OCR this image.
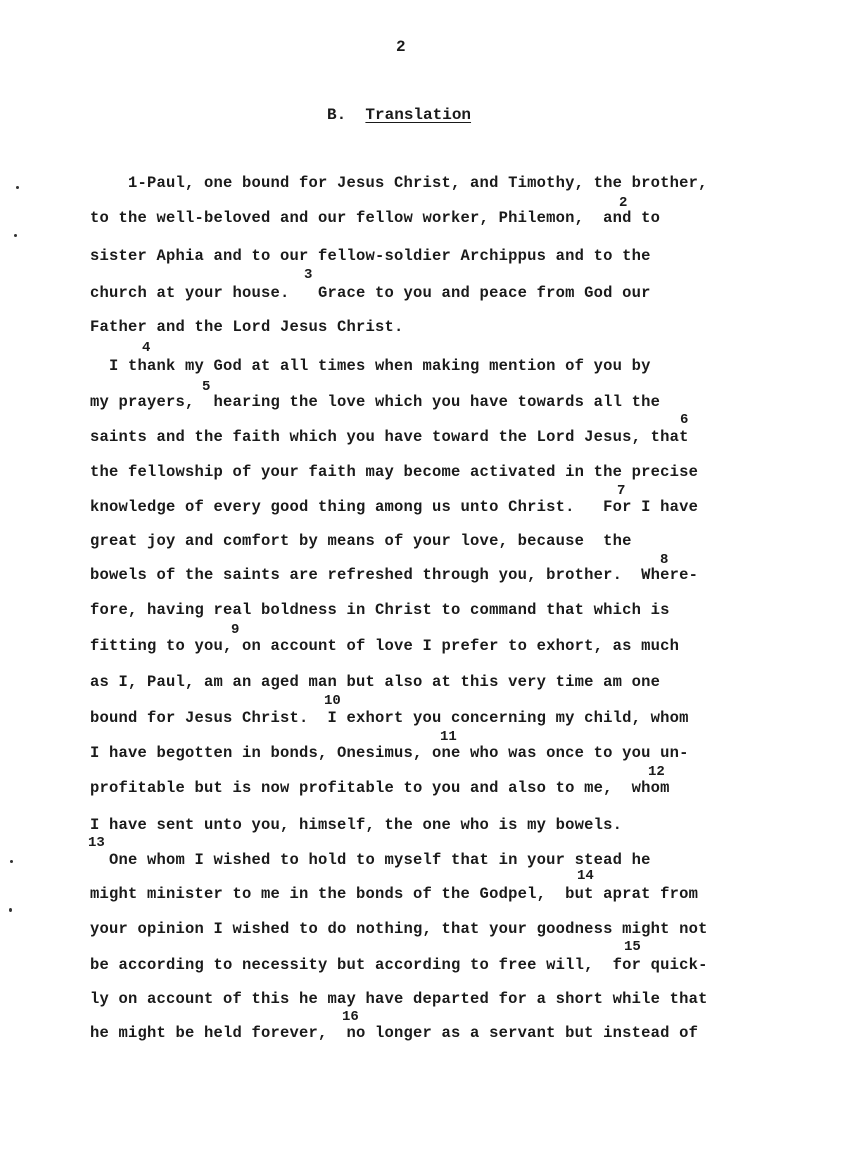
2
B. Translation
1-Paul, one bound for Jesus Christ, and Timothy, the brother,
to the well-beloved and our fellow worker, Philemon,  and to
sister Aphia and to our fellow-soldier Archippus and to the
church at your house.   Grace to you and peace from God our
Father and the Lord Jesus Christ.
I thank my God at all times when making mention of you by
my prayers,  hearing the love which you have towards all the
saints and the faith which you have toward the Lord Jesus, that
the fellowship of your faith may become activated in the precise
knowledge of every good thing among us unto Christ.   For I have
great joy and comfort by means of your love, because  the
bowels of the saints are refreshed through you, brother.  Where-
fore, having real boldness in Christ to command that which is
fitting to you, on account of love I prefer to exhort, as much
as I, Paul, am an aged man but also at this very time am one
bound for Jesus Christ.  I exhort you concerning my child, whom
I have begotten in bonds, Onesimus, one who was once to you un-
profitable but is now profitable to you and also to me,  whom
I have sent unto you, himself, the one who is my bowels.
One whom I wished to hold to myself that in your stead he
might minister to me in the bonds of the Godpel,  but aprat from
your opinion I wished to do nothing, that your goodness might not
be according to necessity but according to free will,  for quick-
ly on account of this he may have departed for a short while that
he might be held forever,  no longer as a servant but instead of
2
3
4
5
6
7
8
9
10
11
12
13
14
15
16
